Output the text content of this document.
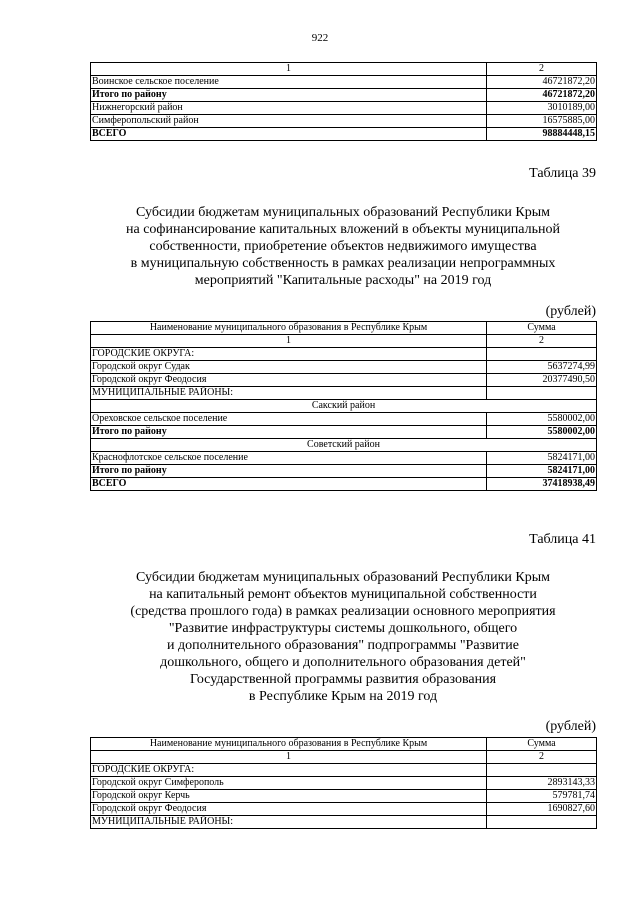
922
1	2
Воинское сельское поселение	46721872,20
Итого по району	46721872,20
Нижнегорский район	3010189,00
Симферопольский район	16575885,00
ВСЕГО	98884448,15
Таблица 39
Субсидии бюджетам муниципальных образований Республики Крым
на софинансирование капитальных вложений в объекты муниципальной
собственности, приобретение объектов недвижимого имущества
в муниципальную собственность в рамках реализации непрограммных
мероприятий "Капитальные расходы" на 2019 год
(рублей)
Наименование муниципального образования в Республике Крым	Сумма
1	2
ГОРОДСКИЕ ОКРУГА:	
Городской округ Судак	5637274,99
Городской округ Феодосия	20377490,50
МУНИЦИПАЛЬНЫЕ РАЙОНЫ:	
Сакский район	
Ореховское сельское поселение	5580002,00
Итого по району	5580002,00
Советский район	
Краснофлотское сельское поселение	5824171,00
Итого по району	5824171,00
ВСЕГО	37418938,49
Таблица 41
Субсидии бюджетам муниципальных образований Республики Крым
на капитальный ремонт объектов муниципальной собственности
(средства прошлого года) в рамках реализации основного мероприятия
"Развитие инфраструктуры системы дошкольного, общего
и дополнительного образования" подпрограммы "Развитие
дошкольного, общего и дополнительного образования детей"
Государственной программы развития образования
в Республике Крым на 2019 год
(рублей)
Наименование муниципального образования в Республике Крым	Сумма
1	2
ГОРОДСКИЕ ОКРУГА:	
Городской округ Симферополь	2893143,33
Городской округ Керчь	579781,74
Городской округ Феодосия	1690827,60
МУНИЦИПАЛЬНЫЕ РАЙОНЫ:	
